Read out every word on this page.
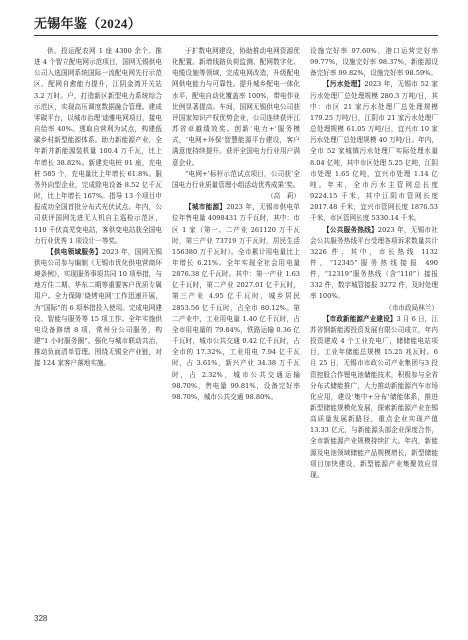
无锡年鉴（2024）

供、投运配农网 1 座 4300 余个。推进 4 个智立配电网示范项目，国网无锡供电公司入选国网系统国际一流配电网先行示范区。配网自愈能力提升，江阴金湾开关站 3.2 万时。户，打造新区新型电力系统综合示范区，实现高压调度数据融合管理。建成零碳平台，以城市治理‘迪雅电网项目，接电自给率 40%。透取自营利为试点，构建低碳乡村新型能源体系。助力新能源产业，全年新并新能源装机量 100.4 万千瓦，比上年增长 38.82%。新建充电桩 91 座，充电桩 585 个，充电量比上年增长 61.8%。服务外向型企业，完成除电设备 8.52 亿千瓦时，比上年增长 167%。指导 13 个项目申报成功全国首批分布式光伏试点。年内，公司获评国网先进无人机自主巡检示范区，110 千伏高芜变电站，客供变电站获全国电力行业优秀 1 项设计一等奖。

【供电领域服务】2023 年，国网无锡供电公司参与编制《无锡市优化供电营商环境条例》，实现服务事项共同 10 项举措，与地方住二期、华东二期等重要客户优质专属用户。全力保障‘烧烤电网’工作迅速开展，为“国际”的 6 项举措投入使用。完成电网建设、智能与服务等 15 项工作。全年实施供电设备修缮 8 项，常州分公司服务，构建“1 小时服务圈”。强化与城市联动共治，推动负面清单管理。围绕无锡全产业链，对接 124 家客户落地实施。

于扩数电网建设，协助推动电网资源优化配置。新增线路负荷监测、配网数字化、电缆设施等领域，完成电网改造，升级配电网供电能力与可靠性。提升城乡配电一体化水平，配电自动化覆盖率 100%，带电作业比例显著提高。车间，国网无锡供电公司获评国家知识产权优势企业，公司连续获评江苏省卓越绩效奖。创新‘电力+’服务模式，‘电网+环保’智慧能源平台建设，客户满意度持续提升。获评全国电力行业用户满意企业。

“电网+’标杆示范试点项目，公司获‘全国电力行业质量管理小组活动优秀成果’奖。

（高　莉）

【城市能源】2023 年，无锡市供电单位年售电量 4098431 万千瓦时，其中：市区 1 家（第一、二产业 261120 万千瓦时，第三产业 73719 万千瓦时，居民生活 156380 万千瓦时）。全市累计用电量比上年增长 6.21%。全年实现全社会用电量 2876.38 亿千瓦时。其中：第一产业 1.63 亿千瓦时，第二产业 2027.01 亿千瓦时，第三产业 4.95 亿千瓦时，城乡居民 2853.56 亿千瓦时，占全市 80.12%。第二产业中，工业用电量 1.40 亿千瓦时，占全市用电量的 79.84%，铁路运输 0.36 亿千瓦时，城市公共交通 0.42 亿千瓦时，占全市的 17.32%，工业用电 7.94 亿千瓦时，占 3.61%，新兴产业 34.38 万千瓦时，占 2.32%，城市公共交通运输 98.70%，售电量 99.81%，设备完好率 98.70%，城市公共交通 98.80%。

设施完好率 97.60%，港口运营完好率 99.77%，设施完好率 98.37%，新能源设备完好率 99.82%，设施完好率 98.59%。

【污水处理】2023 年，无锡市 52 家污水处理厂总处理规模 280.3 万吨/日，其中：市区 21 家污水处理厂总处理规模 179.25 万吨/日，江阴市 21 家污水处理厂总处理规模 61.05 万吨/日，宜兴市 10 家污水处理厂总处理规模 40 万吨/日。年内，全市 52 家城镇污水处理厂实际处理水量 8.04 亿吨，其中市区处理 5.25 亿吨，江阴市处理 1.65 亿吨，宜兴市处理 1.14 亿吨。年末，全市污水主管网总长度 9224.15 千米，其中江阴市管网长度 2017.48 千米，宜兴市管网长度 1876.53 千米，市区管网长度 5330.14 千米。

【公共服务热线】2023 年，无锡市社会公共服务热线平台受理各项诉求数量共计 3226 件，其中，市长热线 1132 件，“12345”服务热线接报 490 件，“12319”服务热线（含“110”）接报 332 件，数字城管接报 3272 件，及时处理率 100%。

（市市政局林兰）

【市政新能源产业建设】3 月 6 日，江苏省钢新能源投资发展有限公司成立，年内投资建成 4 个工业充电厂，储储能电站项目，工业年储能总规模 15.25 兆瓦时。6 月 25 日，无锡市市政公司产业集团与3 投资控股合作锂电池储能技术，积极参与全省分布式储能推广，大力推动新能源汽车市场化应用，建设‘集中+分布’储能体系，推进新型储能规模化发展，探索新能源产业在锡高质量发展新路径，重点企业实现产值 13.33 亿元，与新能源头部企业深度合作，全市新能源产业规模持续扩大。年内，新能源及电池领域储能产品规模增长，新型储能项目加快建设，新型能源产业集聚效应显现。

328
